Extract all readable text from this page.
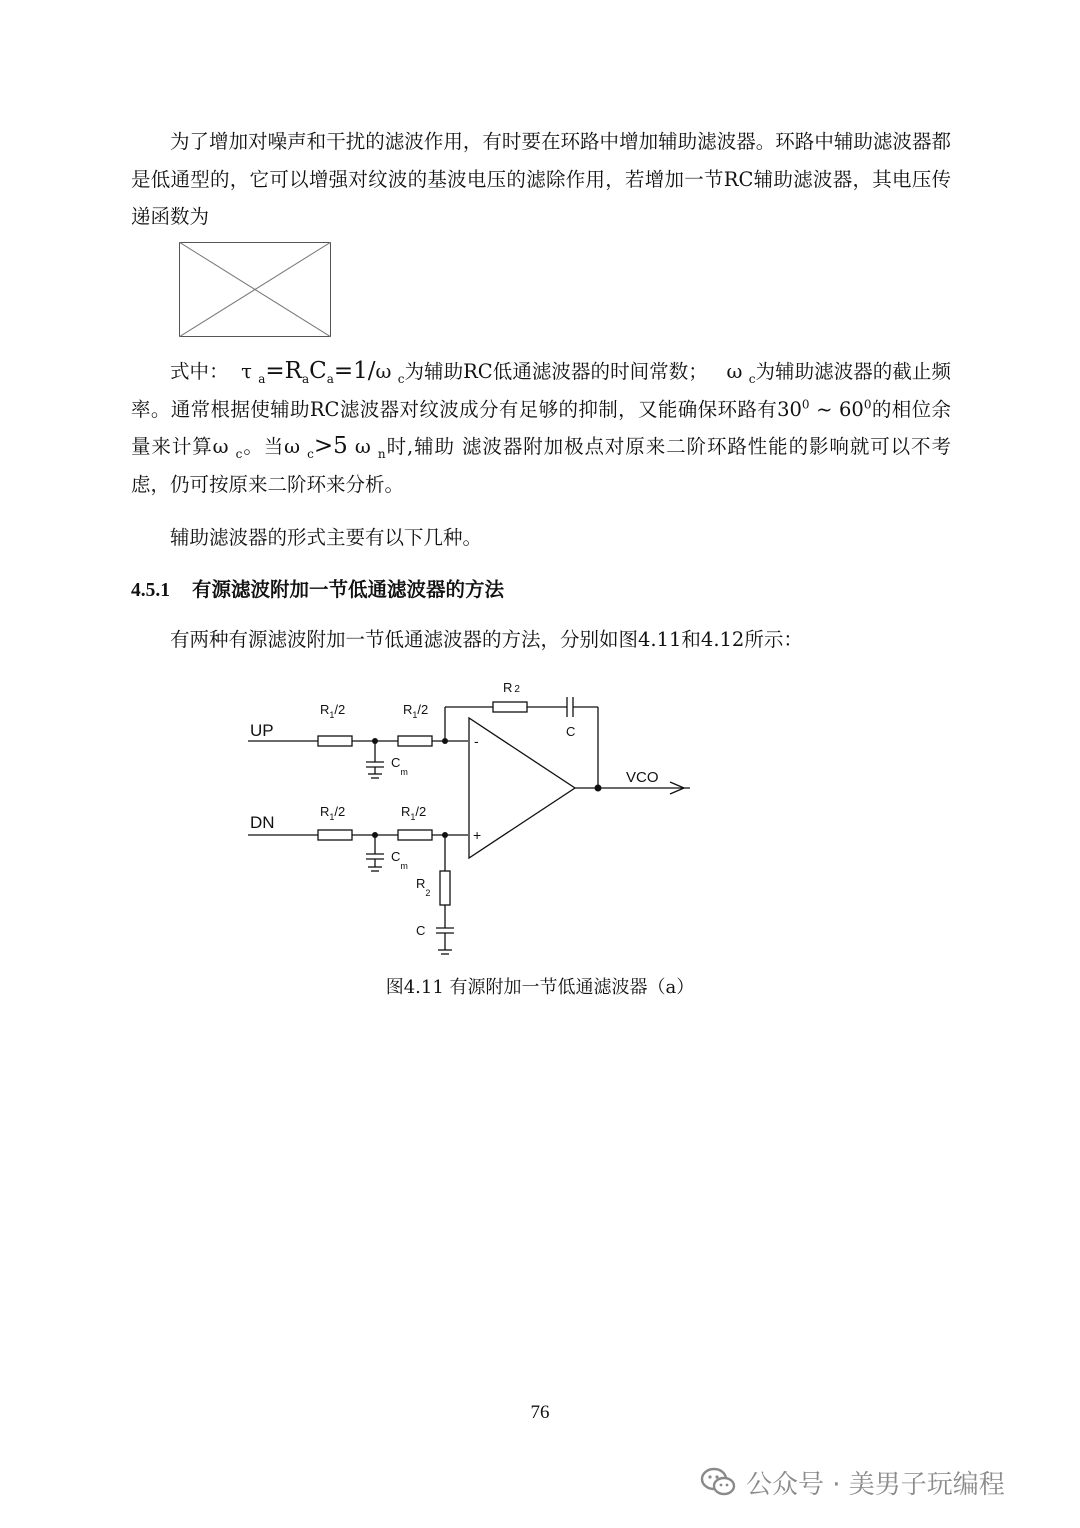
为了增加对噪声和干扰的滤波作用，有时要在环路中增加辅助滤波器。环路中辅助滤波器都是低通型的，它可以增强对纹波的基波电压的滤除作用，若增加一节RC辅助滤波器，其电压传递函数为

式中： τ $_a=R_aC_a=1/\omega$ $_c$为辅助RC低通滤波器的时间常数； ω $_c$为辅助滤波器的截止频率。通常根据使辅助RC滤波器对纹波成分有足够的抑制，又能确保环路有$30^0$ ~ $60^0$的相位余量来计算ω $_c$。当ω $_c$>5 ω $_n$时,辅助 滤波器附加极点对原来二阶环路性能的影响就可以不考虑，仍可按原来二阶环来分析。

辅助滤波器的形式主要有以下几种。

4.5.1 有源滤波附加一节低通滤波器的方法

有两种有源滤波附加一节低通滤波器的方法，分别如图4.11和4.12所示：

UP
DN
VCO
$R_1/2$	$R_1/2$
$R_1/2$	$R_1/2$
R 2
C
$C_m$
$C_m$
$R_2$
C
-
+
图4.11 有源附加一节低通滤波器（a）
76
公众号 · 美男子玩编程
